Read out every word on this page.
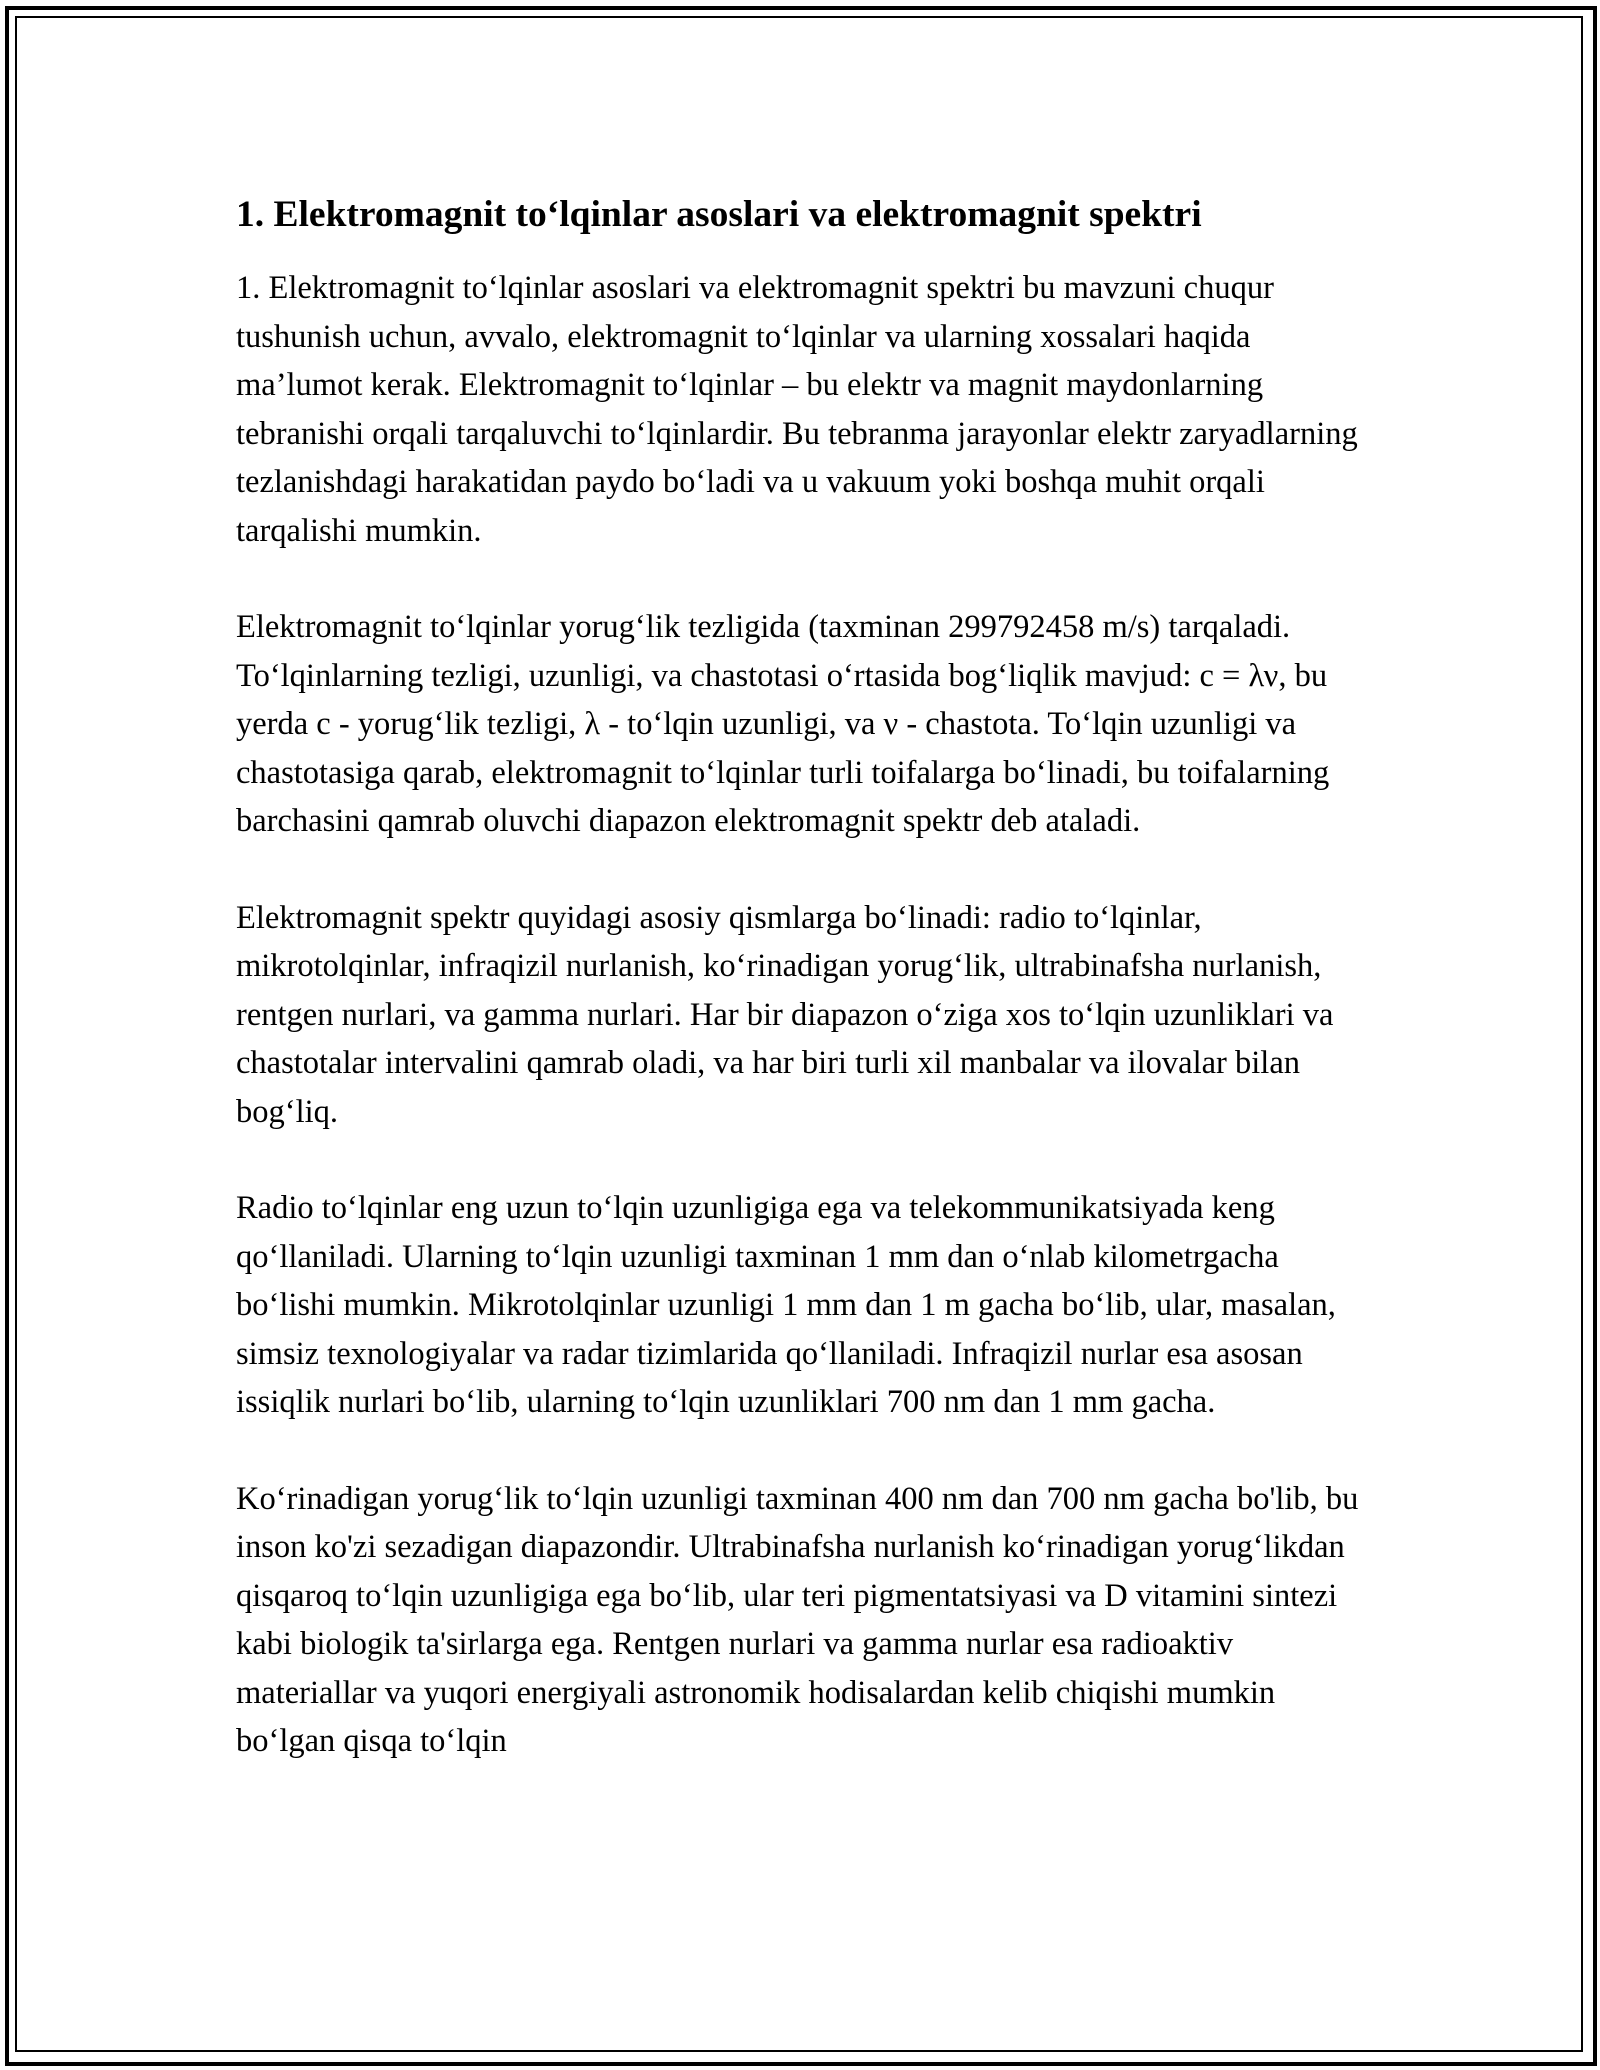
1. Elektromagnit to‘lqinlar asoslari va elektromagnit spektri

1. Elektromagnit to‘lqinlar asoslari va elektromagnit spektri bu mavzuni chuqur tushunish uchun, avvalo, elektromagnit to‘lqinlar va ularning xossalari haqida ma’lumot kerak. Elektromagnit to‘lqinlar – bu elektr va magnit maydonlarning tebranishi orqali tarqaluvchi to‘lqinlardir. Bu tebranma jarayonlar elektr zaryadlarning tezlanishdagi harakatidan paydo bo‘ladi va u vakuum yoki boshqa muhit orqali tarqalishi mumkin.

Elektromagnit to‘lqinlar yorug‘lik tezligida (taxminan 299792458 m/s) tarqaladi. To‘lqinlarning tezligi, uzunligi, va chastotasi o‘rtasida bog‘liqlik mavjud: c = λν, bu yerda c - yorug‘lik tezligi, λ - to‘lqin uzunligi, va ν - chastota. To‘lqin uzunligi va chastotasiga qarab, elektromagnit to‘lqinlar turli toifalarga bo‘linadi, bu toifalarning barchasini qamrab oluvchi diapazon elektromagnit spektr deb ataladi.

Elektromagnit spektr quyidagi asosiy qismlarga bo‘linadi: radio to‘lqinlar, mikrotolqinlar, infraqizil nurlanish, ko‘rinadigan yorug‘lik, ultrabinafsha nurlanish, rentgen nurlari, va gamma nurlari. Har bir diapazon o‘ziga xos to‘lqin uzunliklari va chastotalar intervalini qamrab oladi, va har biri turli xil manbalar va ilovalar bilan bog‘liq.

Radio to‘lqinlar eng uzun to‘lqin uzunligiga ega va telekommunikatsiyada keng qo‘llaniladi. Ularning to‘lqin uzunligi taxminan 1 mm dan o‘nlab kilometrgacha bo‘lishi mumkin. Mikrotolqinlar uzunligi 1 mm dan 1 m gacha bo‘lib, ular, masalan, simsiz texnologiyalar va radar tizimlarida qo‘llaniladi. Infraqizil nurlar esa asosan issiqlik nurlari bo‘lib, ularning to‘lqin uzunliklari 700 nm dan 1 mm gacha.

Ko‘rinadigan yorug‘lik to‘lqin uzunligi taxminan 400 nm dan 700 nm gacha bo'lib, bu inson ko'zi sezadigan diapazondir. Ultrabinafsha nurlanish ko‘rinadigan yorug‘likdan qisqaroq to‘lqin uzunligiga ega bo‘lib, ular teri pigmentatsiyasi va D vitamini sintezi kabi biologik ta'sirlarga ega. Rentgen nurlari va gamma nurlar esa radioaktiv materiallar va yuqori energiyali astronomik hodisalardan kelib chiqishi mumkin bo‘lgan qisqa to‘lqin
